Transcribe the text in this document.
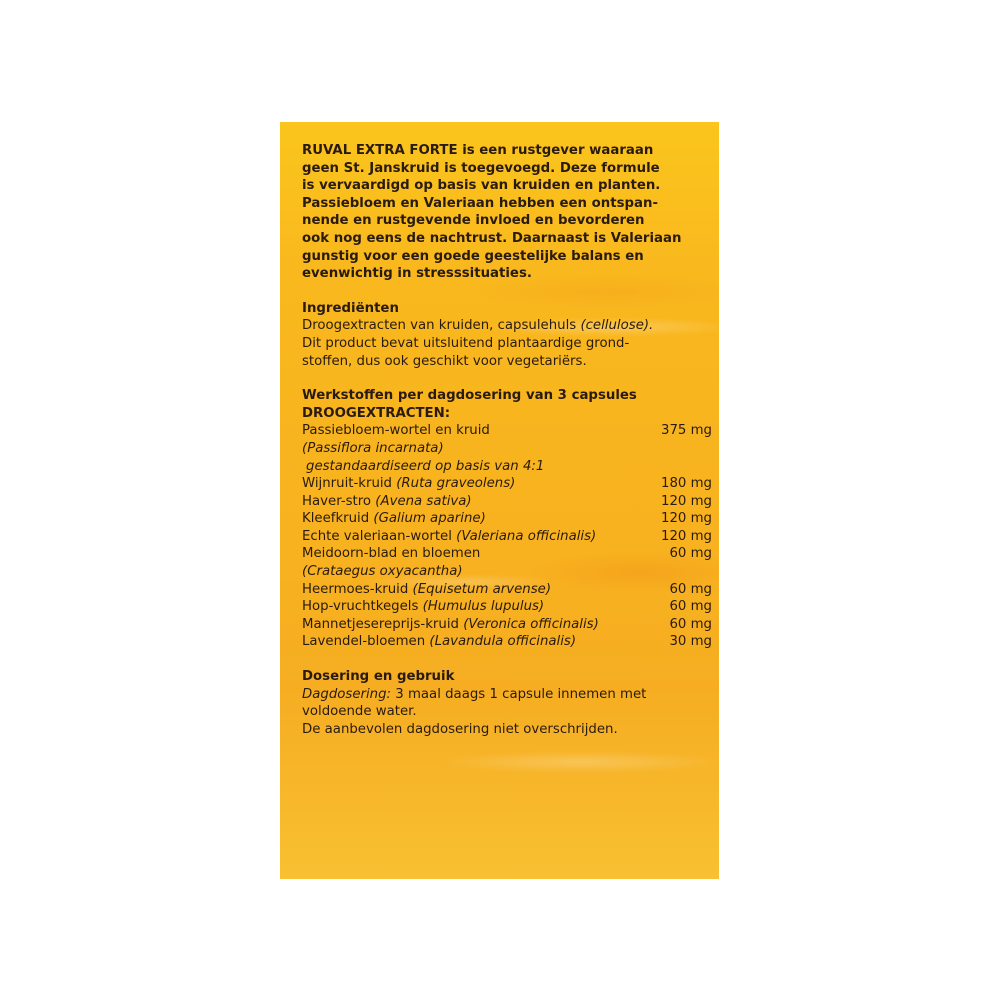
RUVAL EXTRA FORTE is een rustgever waaraan
geen St. Janskruid is toegevoegd. Deze formule
is vervaardigd op basis van kruiden en planten.
Passiebloem en Valeriaan hebben een ontspan-
nende en rustgevende invloed en bevorderen
ook nog eens de nachtrust. Daarnaast is Valeriaan
gunstig voor een goede geestelijke balans en
evenwichtig in stresssituaties.

Ingrediënten

Droogextracten van kruiden, capsulehuls (cellulose).

Dit product bevat uitsluitend plantaardige grond-

stoffen, dus ook geschikt voor vegetariërs.

Werkstoffen per dagdosering van 3 capsules

DROOGEXTRACTEN:

Passiebloem-wortel en kruid	375 mg

(Passiflora incarnata)

gestandaardiseerd op basis van 4:1

Wijnruit-kruid (Ruta graveolens)	180 mg
Haver-stro (Avena sativa)	120 mg
Kleefkruid (Galium aparine)	120 mg
Echte valeriaan-wortel (Valeriana officinalis)	120 mg
Meidoorn-blad en bloemen	60 mg

(Crataegus oxyacantha)

Heermoes-kruid (Equisetum arvense)	60 mg
Hop-vruchtkegels (Humulus lupulus)	60 mg
Mannetjesereprijs-kruid (Veronica officinalis)	60 mg
Lavendel-bloemen (Lavandula officinalis)	30 mg

Dosering en gebruik

Dagdosering: 3 maal daags 1 capsule innemen met

voldoende water.

De aanbevolen dagdosering niet overschrijden.
